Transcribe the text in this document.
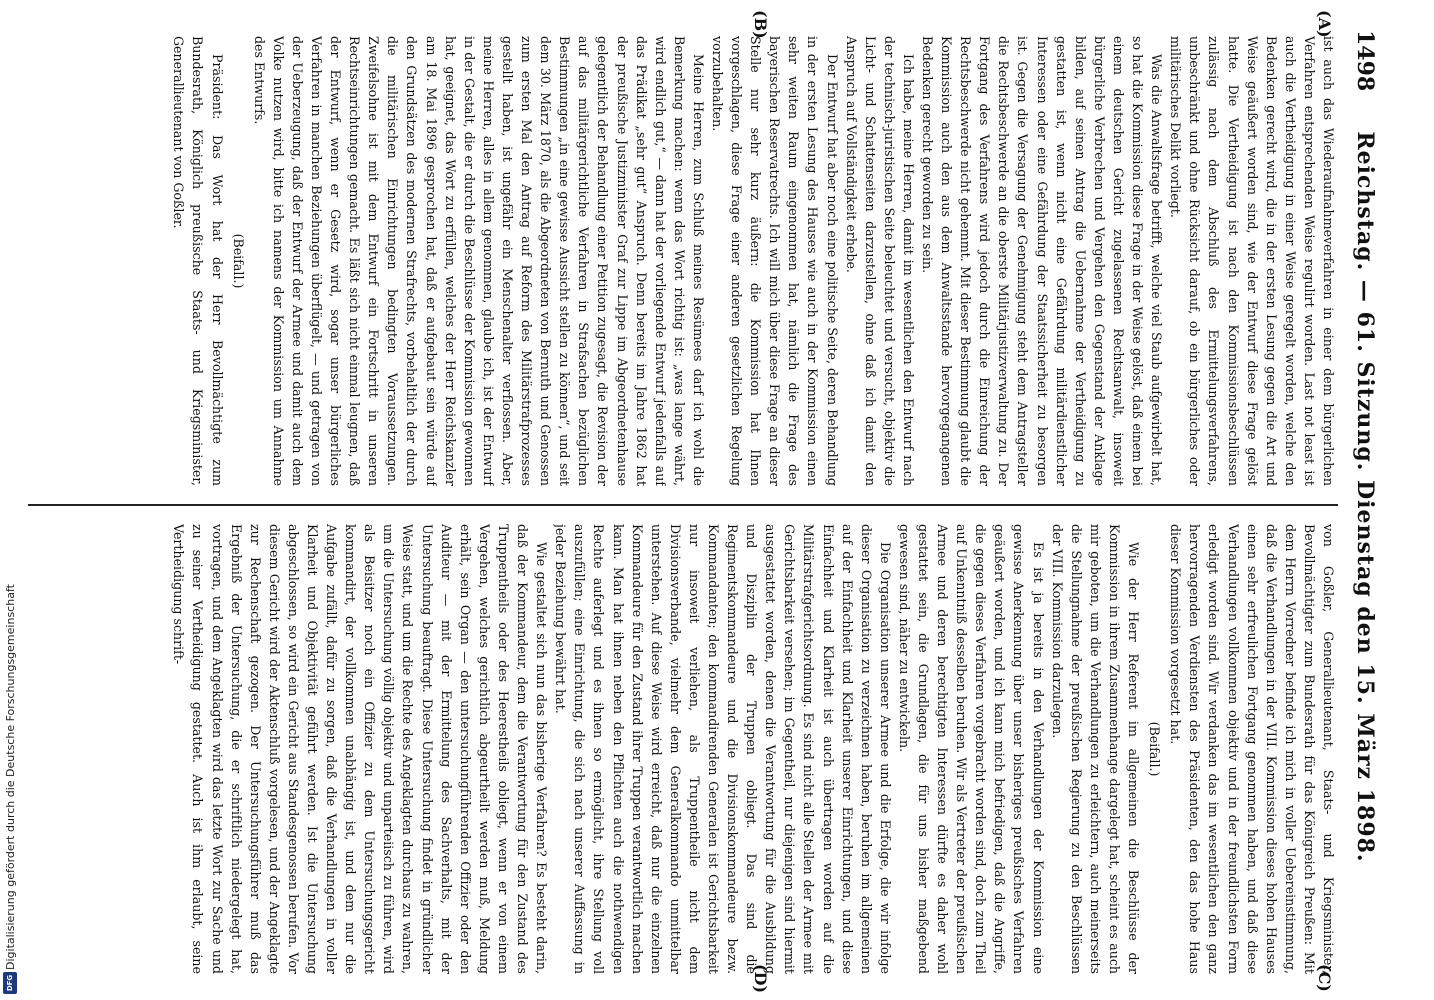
1498
Reichstag. — 61. Sitzung. Dienstag den 15. März 1898.
(A)
(B)
(C)
(D)

ist auch das Wiederaufnahmeverfahren in einer dem bürgerlichen Verfahren entsprechenden Weise regulirt worden. Last not least ist auch die Vertheidigung in einer Weise geregelt worden, welche den Bedenken gerecht wird, die in der ersten Lesung gegen die Art und Weise geäußert worden sind, wie der Entwurf diese Frage gelöst hatte. Die Vertheidigung ist nach den Kommissionsbeschlüssen zulässig nach dem Abschluß des Ermittelungsverfahrens, unbeschränkt und ohne Rücksicht darauf, ob ein bürgerliches oder militärisches Delikt vorliegt.

Was die Anwaltsfrage betrifft, welche viel Staub aufgewirbelt hat, so hat die Kommission diese Frage in der Weise gelöst, daß einem bei einem deutschen Gericht zugelassenen Rechtsanwalt, insoweit bürgerliche Verbrechen und Vergehen den Gegenstand der Anklage bilden, auf seinen Antrag die Uebernahme der Vertheidigung zu gestatten ist, wenn nicht eine Gefährdung militärdienstlicher Interessen oder eine Gefährdung der Staatssicherheit zu besorgen ist. Gegen die Versagung der Genehmigung steht dem Antragsteller die Rechtsbeschwerde an die oberste Militärjustizverwaltung zu. Der Fortgang des Verfahrens wird jedoch durch die Einreichung der Rechtsbeschwerde nicht gehemmt. Mit dieser Bestimmung glaubt die Kommission auch den aus dem Anwaltsstande hervorgegangenen Bedenken gerecht geworden zu sein.

Ich habe, meine Herren, damit im wesentlichen den Entwurf nach der technisch-juristischen Seite beleuchtet und versucht, objektiv die Licht- und Schattenseiten darzustellen, ohne daß ich damit den Anspruch auf Vollständigkeit erhebe.

Der Entwurf hat aber noch eine politische Seite, deren Behandlung in der ersten Lesung des Hauses wie auch in der Kommission einen sehr weiten Raum eingenommen hat, nämlich die Frage des bayerischen Reservatrechts. Ich will mich über diese Frage an dieser Stelle nur sehr kurz äußern: die Kommission hat Ihnen vorgeschlagen, diese Frage einer anderen gesetzlichen Regelung vorzubehalten.

Meine Herren, zum Schluß meines Resümees darf ich wohl die Bemerkung machen: wenn das Wort richtig ist: „was lange währt, wird endlich gut,“ — dann hat der vorliegende Entwurf jedenfalls auf das Prädikat „sehr gut“ Anspruch. Denn bereits im Jahre 1862 hat der preußische Justizminister Graf zur Lippe im Abgeordnetenhause gelegentlich der Behandlung einer Petition zugesagt, die Revision der auf das militärgerichtliche Verfahren in Strafsachen bezüglichen Bestimmungen „in eine gewisse Aussicht stellen zu können“, und seit dem 30. März 1870, als die Abgeordneten von Bernuth und Genossen zum ersten Mal den Antrag auf Reform des Militärstrafprozesses gestellt haben, ist ungefähr ein Menschenalter verflossen. Aber, meine Herren, alles in allem genommen, glaube ich, ist der Entwurf in der Gestalt, die er durch die Beschlüsse der Kommission gewonnen hat, geeignet, das Wort zu erfüllen, welches der Herr Reichskanzler am 18. Mai 1896 gesprochen hat, daß er aufgebaut sein würde auf den Grundsätzen des modernen Strafrechts, vorbehaltlich der durch die militärischen Einrichtungen bedingten Voraussetzungen. Zweifelsohne ist mit dem Entwurf ein Fortschritt in unseren Rechtseinrichtungen gemacht. Es läßt sich nicht einmal leugnen, daß der Entwurf, wenn er Gesetz wird, sogar unser bürgerliches Verfahren in manchen Beziehungen überflügelt, — und getragen von der Ueberzeugung, daß der Entwurf der Armee und damit auch dem Volke nutzen wird, bitte ich namens der Kommission um Annahme des Entwurfs.

(Beifall.)

Präsident: Das Wort hat der Herr Bevollmächtigte zum Bundesrath, Königlich preußische Staats- und Kriegsminister, Generallieutenant von Goßler.

von Goßler, Generallieutenant, Staats- und Kriegsminister, Bevollmächtigter zum Bundesrath für das Königreich Preußen: Mit dem Herrn Vorredner befinde ich mich in voller Uebereinstimmung, daß die Verhandlungen in der VIII. Kommission dieses hohen Hauses einen sehr erfreulichen Fortgang genommen haben, und daß diese Verhandlungen vollkommen objektiv und in der freundlichsten Form erledigt worden sind. Wir verdanken das im wesentlichen den ganz hervorragenden Verdiensten des Präsidenten, den das hohe Haus dieser Kommission vorgesetzt hat.

(Beifall.)

Wie der Herr Referent im allgemeinen die Beschlüsse der Kommission in ihrem Zusammenhange dargelegt hat, scheint es auch mir geboten, um die Verhandlungen zu erleichtern, auch meinerseits die Stellungnahme der preußischen Regierung zu den Beschlüssen der VIII. Kommission darzulegen.

Es ist ja bereits in den Verhandlungen der Kommission eine gewisse Anerkennung über unser bisheriges preußisches Verfahren geäußert worden, und ich kann mich befriedigen, daß die Angriffe, die gegen dieses Verfahren vorgebracht worden sind, doch zum Theil auf Unkenntniß desselben beruhen. Wir als Vertreter der preußischen Armee und deren berechtigten Interessen dürfte es daher wohl gestattet sein, die Grundlagen, die für uns bisher maßgebend gewesen sind, näher zu entwickeln.

Die Organisation unserer Armee und die Erfolge, die wir infolge dieser Organisation zu verzeichnen haben, beruhen im allgemeinen auf der Einfachheit und Klarheit unserer Einrichtungen, und diese Einfachheit und Klarheit ist auch übertragen worden auf die Militärstrafgerichtsordnung. Es sind nicht alle Stellen der Armee mit Gerichtsbarkeit versehen; im Gegentheil, nur diejenigen sind hiermit ausgestattet worden, denen die Verantwortung für die Ausbildung und Disziplin der Truppen obliegt. Das sind die Regimentskommandeure und die Divisionskommandeure bezw. Kommandanten; den kommandirenden Generalen ist Gerichtsbarkeit nur insoweit verliehen, als Truppentheile nicht dem Divisionsverbande, vielmehr dem Generalkommando unmittelbar unterstehen. Auf diese Weise wird erreicht, daß nur die einzelnen Kommandeure für den Zustand ihrer Truppen verantwortlich machen kann. Man hat ihnen neben den Pflichten auch die nothwendigen Rechte auferlegt und es ihnen so ermöglicht, ihre Stellung voll auszufüllen; eine Einrichtung, die sich nach unserer Auffassung in jeder Beziehung bewährt hat.

Wie gestaltet sich nun das bisherige Verfahren? Es besteht darin, daß der Kommandeur, dem die Verantwortung für den Zustand des Truppentheils oder des Heerestheils obliegt, wenn er von einem Vergehen, welches gerichtlich abgeurtheilt werden muß, Meldung erhält, sein Organ — den untersuchungführenden Offizier oder den Auditeur — mit der Ermittelung des Sachverhalts, mit der Untersuchung beauftragt. Diese Untersuchung findet in gründlicher Weise statt, und um die Rechte des Angeklagten durchaus zu wahren, um die Untersuchung völlig objektiv und unparteiisch zu führen, wird als Beisitzer noch ein Offizier zu dem Untersuchungsgericht kommandirt, der vollkommen unabhängig ist, und dem nur die Aufgabe zufällt, dafür zu sorgen, daß die Verhandlungen in voller Klarheit und Objektivität geführt werden. Ist die Untersuchung abgeschlossen, so wird ein Gericht aus Standesgenossen berufen. Vor diesem Gericht wird der Aktenschluß vorgelesen, und der Angeklagte zur Rechenschaft gezogen. Der Untersuchungsführer muß das Ergebniß der Untersuchung, die er schriftlich niedergelegt hat, vortragen, und dem Angeklagten wird das letzte Wort zur Sache und zu seiner Vertheidigung gestattet. Auch ist ihm erlaubt, seine Vertheidigung schrift-

Digitalisierung gefördert durch die Deutsche Forschungsgemeinschaft
DFG
